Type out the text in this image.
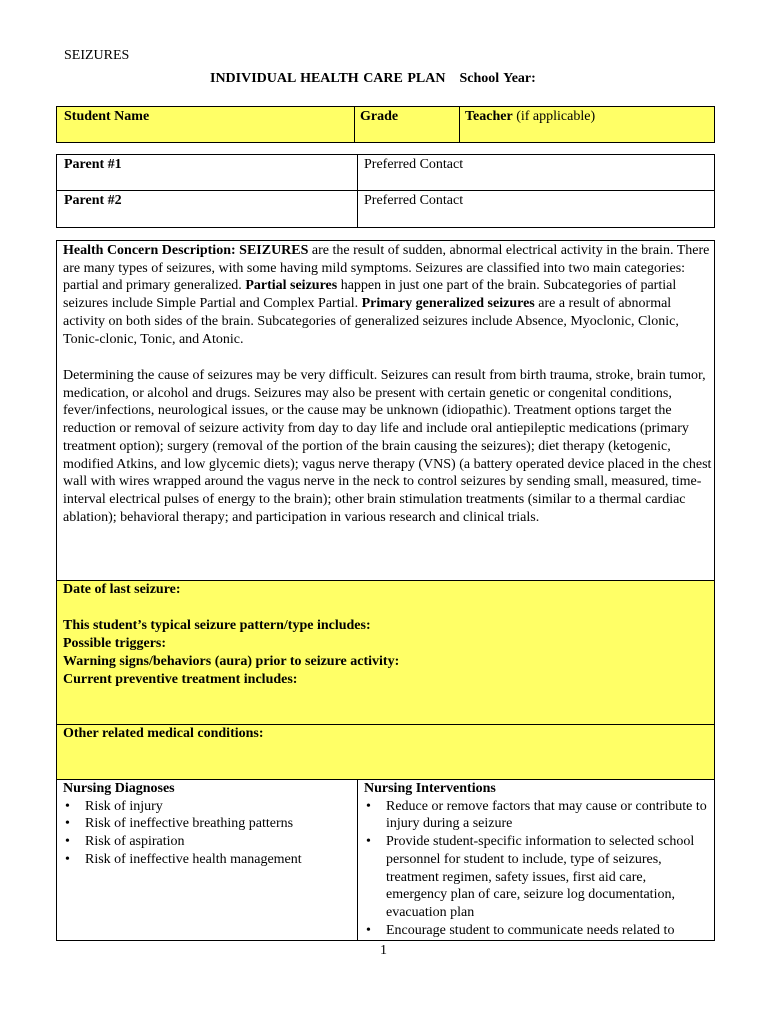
SEIZURES
INDIVIDUAL HEALTH CARE PLAN School Year:
Student Name	Grade	Teacher (if applicable)
Parent #1	Preferred Contact
Parent #2	Preferred Contact
Health Concern Description: SEIZURES are the result of sudden, abnormal electrical activity in the brain. There are many types of seizures, with some having mild symptoms. Seizures are classified into two main categories: partial and primary generalized. Partial seizures happen in just one part of the brain. Subcategories of partial seizures include Simple Partial and Complex Partial. Primary generalized seizures are a result of abnormal activity on both sides of the brain. Subcategories of generalized seizures include Absence, Myoclonic, Clonic, Tonic-clonic, Tonic, and Atonic.
Determining the cause of seizures may be very difficult. Seizures can result from birth trauma, stroke, brain tumor, medication, or alcohol and drugs. Seizures may also be present with certain genetic or congenital conditions, fever/infections, neurological issues, or the cause may be unknown (idiopathic). Treatment options target the reduction or removal of seizure activity from day to day life and include oral antiepileptic medications (primary treatment option); surgery (removal of the portion of the brain causing the seizures); diet therapy (ketogenic, modified Atkins, and low glycemic diets); vagus nerve therapy (VNS) (a battery operated device placed in the chest wall with wires wrapped around the vagus nerve in the neck to control seizures by sending small, measured, time-interval electrical pulses of energy to the brain); other brain stimulation treatments (similar to a thermal cardiac ablation); behavioral therapy; and participation in various research and clinical trials.
Date of last seizure:
This student’s typical seizure pattern/type includes:
Possible triggers:
Warning signs/behaviors (aura) prior to seizure activity:
Current preventive treatment includes:
Other related medical conditions:
Nursing Diagnoses
• Risk of injury
• Risk of ineffective breathing patterns
• Risk of aspiration
• Risk of ineffective health management
Nursing Interventions
• Reduce or remove factors that may cause or contribute to injury during a seizure
• Provide student-specific information to selected school personnel for student to include, type of seizures, treatment regimen, safety issues, first aid care, emergency plan of care, seizure log documentation, evacuation plan
• Encourage student to communicate needs related to
1
